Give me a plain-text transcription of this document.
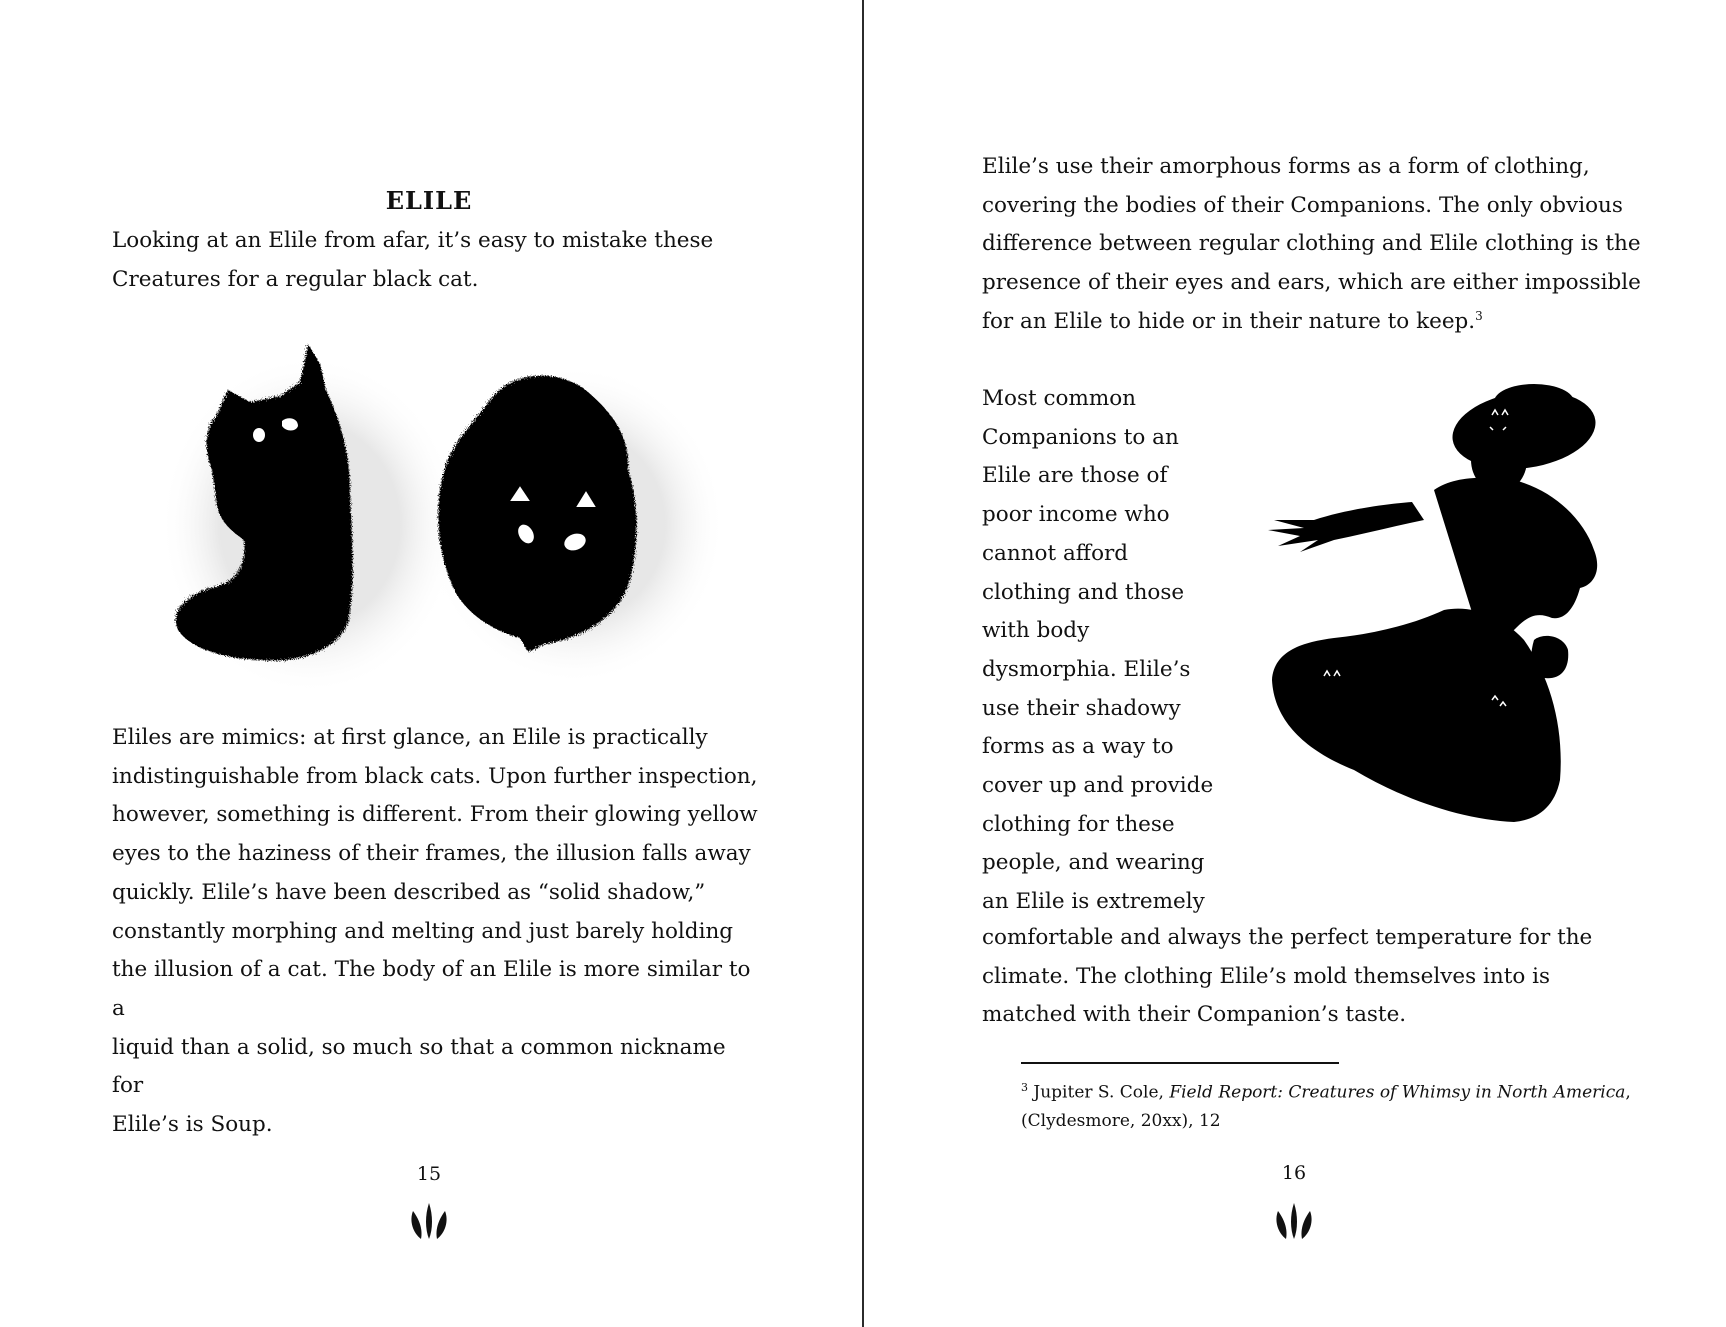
ELILE

Looking at an Elile from afar, it’s easy to mistake these
Creatures for a regular black cat.

Eliles are mimics: at first glance, an Elile is practically
indistinguishable from black cats. Upon further inspection,
however, something is different. From their glowing yellow
eyes to the haziness of their frames, the illusion falls away
quickly. Elile’s have been described as “solid shadow,”
constantly morphing and melting and just barely holding
the illusion of a cat. The body of an Elile is more similar to a
liquid than a solid, so much so that a common nickname for
Elile’s is Soup.

15

Elile’s use their amorphous forms as a form of clothing,
covering the bodies of their Companions. The only obvious
difference between regular clothing and Elile clothing is the
presence of their eyes and ears, which are either impossible
for an Elile to hide or in their nature to keep.$^3$

Most common
Companions to an
Elile are those of
poor income who
cannot afford
clothing and those
with body
dysmorphia. Elile’s
use their shadowy
forms as a way to
cover up and provide
clothing for these
people, and wearing
an Elile is extremely

comfortable and always the perfect temperature for the
climate. The clothing Elile’s mold themselves into is
matched with their Companion’s taste.

$^3$ Jupiter S. Cole, Field Report: Creatures of Whimsy in North America,
(Clydesmore, 20xx), 12
16
